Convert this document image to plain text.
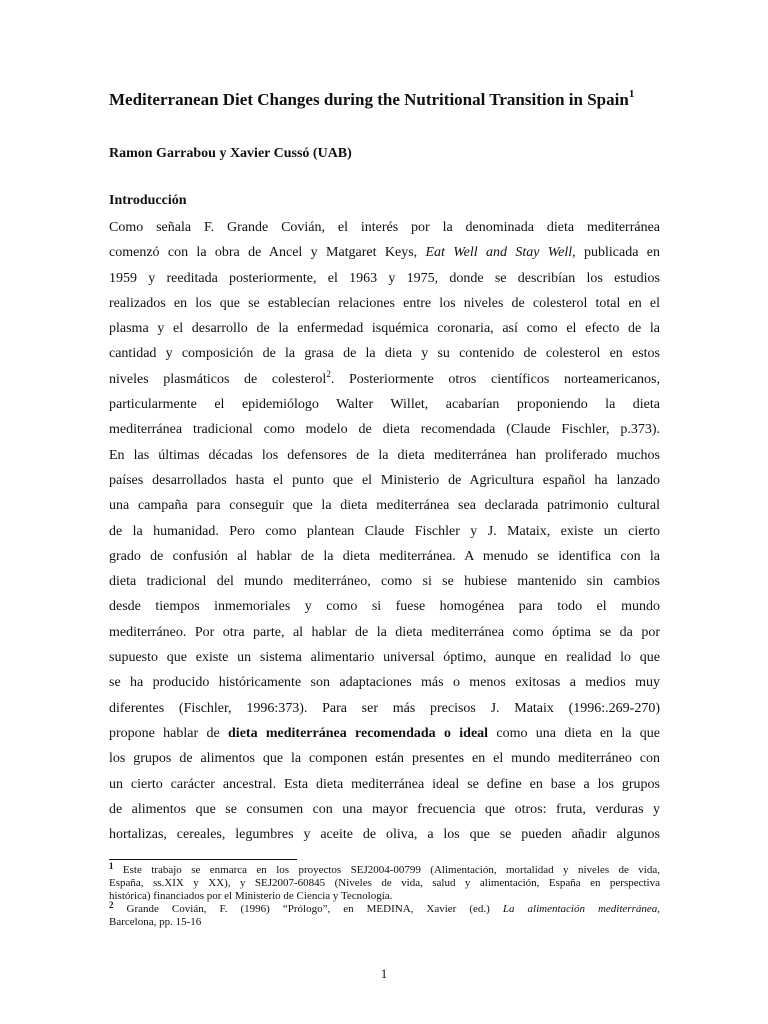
Mediterranean Diet Changes during the Nutritional Transition in Spain$^1$
Ramon Garrabou y Xavier Cussó (UAB)
Introducción
Como señala F. Grande Covián, el interés por la denominada dieta mediterránea
comenzó con la obra de Ancel y Matgaret Keys, Eat Well and Stay Well, publicada en
1959 y reeditada posteriormente, el 1963 y 1975, donde se describían los estudios
realizados en los que se establecían relaciones entre los niveles de colesterol total en el
plasma y el desarrollo de la enfermedad isquémica coronaria, así como el efecto de la
cantidad y composición de la grasa de la dieta y su contenido de colesterol en estos
niveles plasmáticos de colesterol$^2$. Posteriormente otros científicos norteamericanos,
particularmente el epidemiólogo Walter Willet, acabarían proponiendo la dieta
mediterránea tradicional como modelo de dieta recomendada (Claude Fischler, p.373).
En las últimas décadas los defensores de la dieta mediterránea han proliferado muchos
países desarrollados hasta el punto que el Ministerio de Agricultura español ha lanzado
una campaña para conseguir que la dieta mediterránea sea declarada patrimonio cultural
de la humanidad. Pero como plantean Claude Fischler y J. Mataix, existe un cierto
grado de confusión al hablar de la dieta mediterránea. A menudo se identifica con la
dieta tradicional del mundo mediterráneo, como si se hubiese mantenido sin cambios
desde tiempos inmemoriales y como si fuese homogénea para todo el mundo
mediterráneo. Por otra parte, al hablar de la dieta mediterránea como óptima se da por
supuesto que existe un sistema alimentario universal óptimo, aunque en realidad lo que
se ha producido históricamente son adaptaciones más o menos exitosas a medios muy
diferentes (Fischler, 1996:373). Para ser más precisos J. Mataix (1996:.269-270)
propone hablar de dieta mediterránea recomendada o ideal como una dieta en la que
los grupos de alimentos que la componen están presentes en el mundo mediterráneo con
un cierto carácter ancestral. Esta dieta mediterránea ideal se define en base a los grupos
de alimentos que se consumen con una mayor frecuencia que otros: fruta, verduras y
hortalizas, cereales, legumbres y aceite de oliva, a los que se pueden añadir algunos
$^1$ Este trabajo se enmarca en los proyectos SEJ2004-00799 (Alimentación, mortalidad y niveles de vida,
España, ss.XIX y XX), y SEJ2007-60845 (Niveles de vida, salud y alimentación, España en perspectiva
histórica) financiados por el Ministerio de Ciencia y Tecnología.
$^2$ Grande Covián, F. (1996) “Prólogo”, en MEDINA, Xavier (ed.) La alimentación mediterránea,
Barcelona, pp. 15-16
1
